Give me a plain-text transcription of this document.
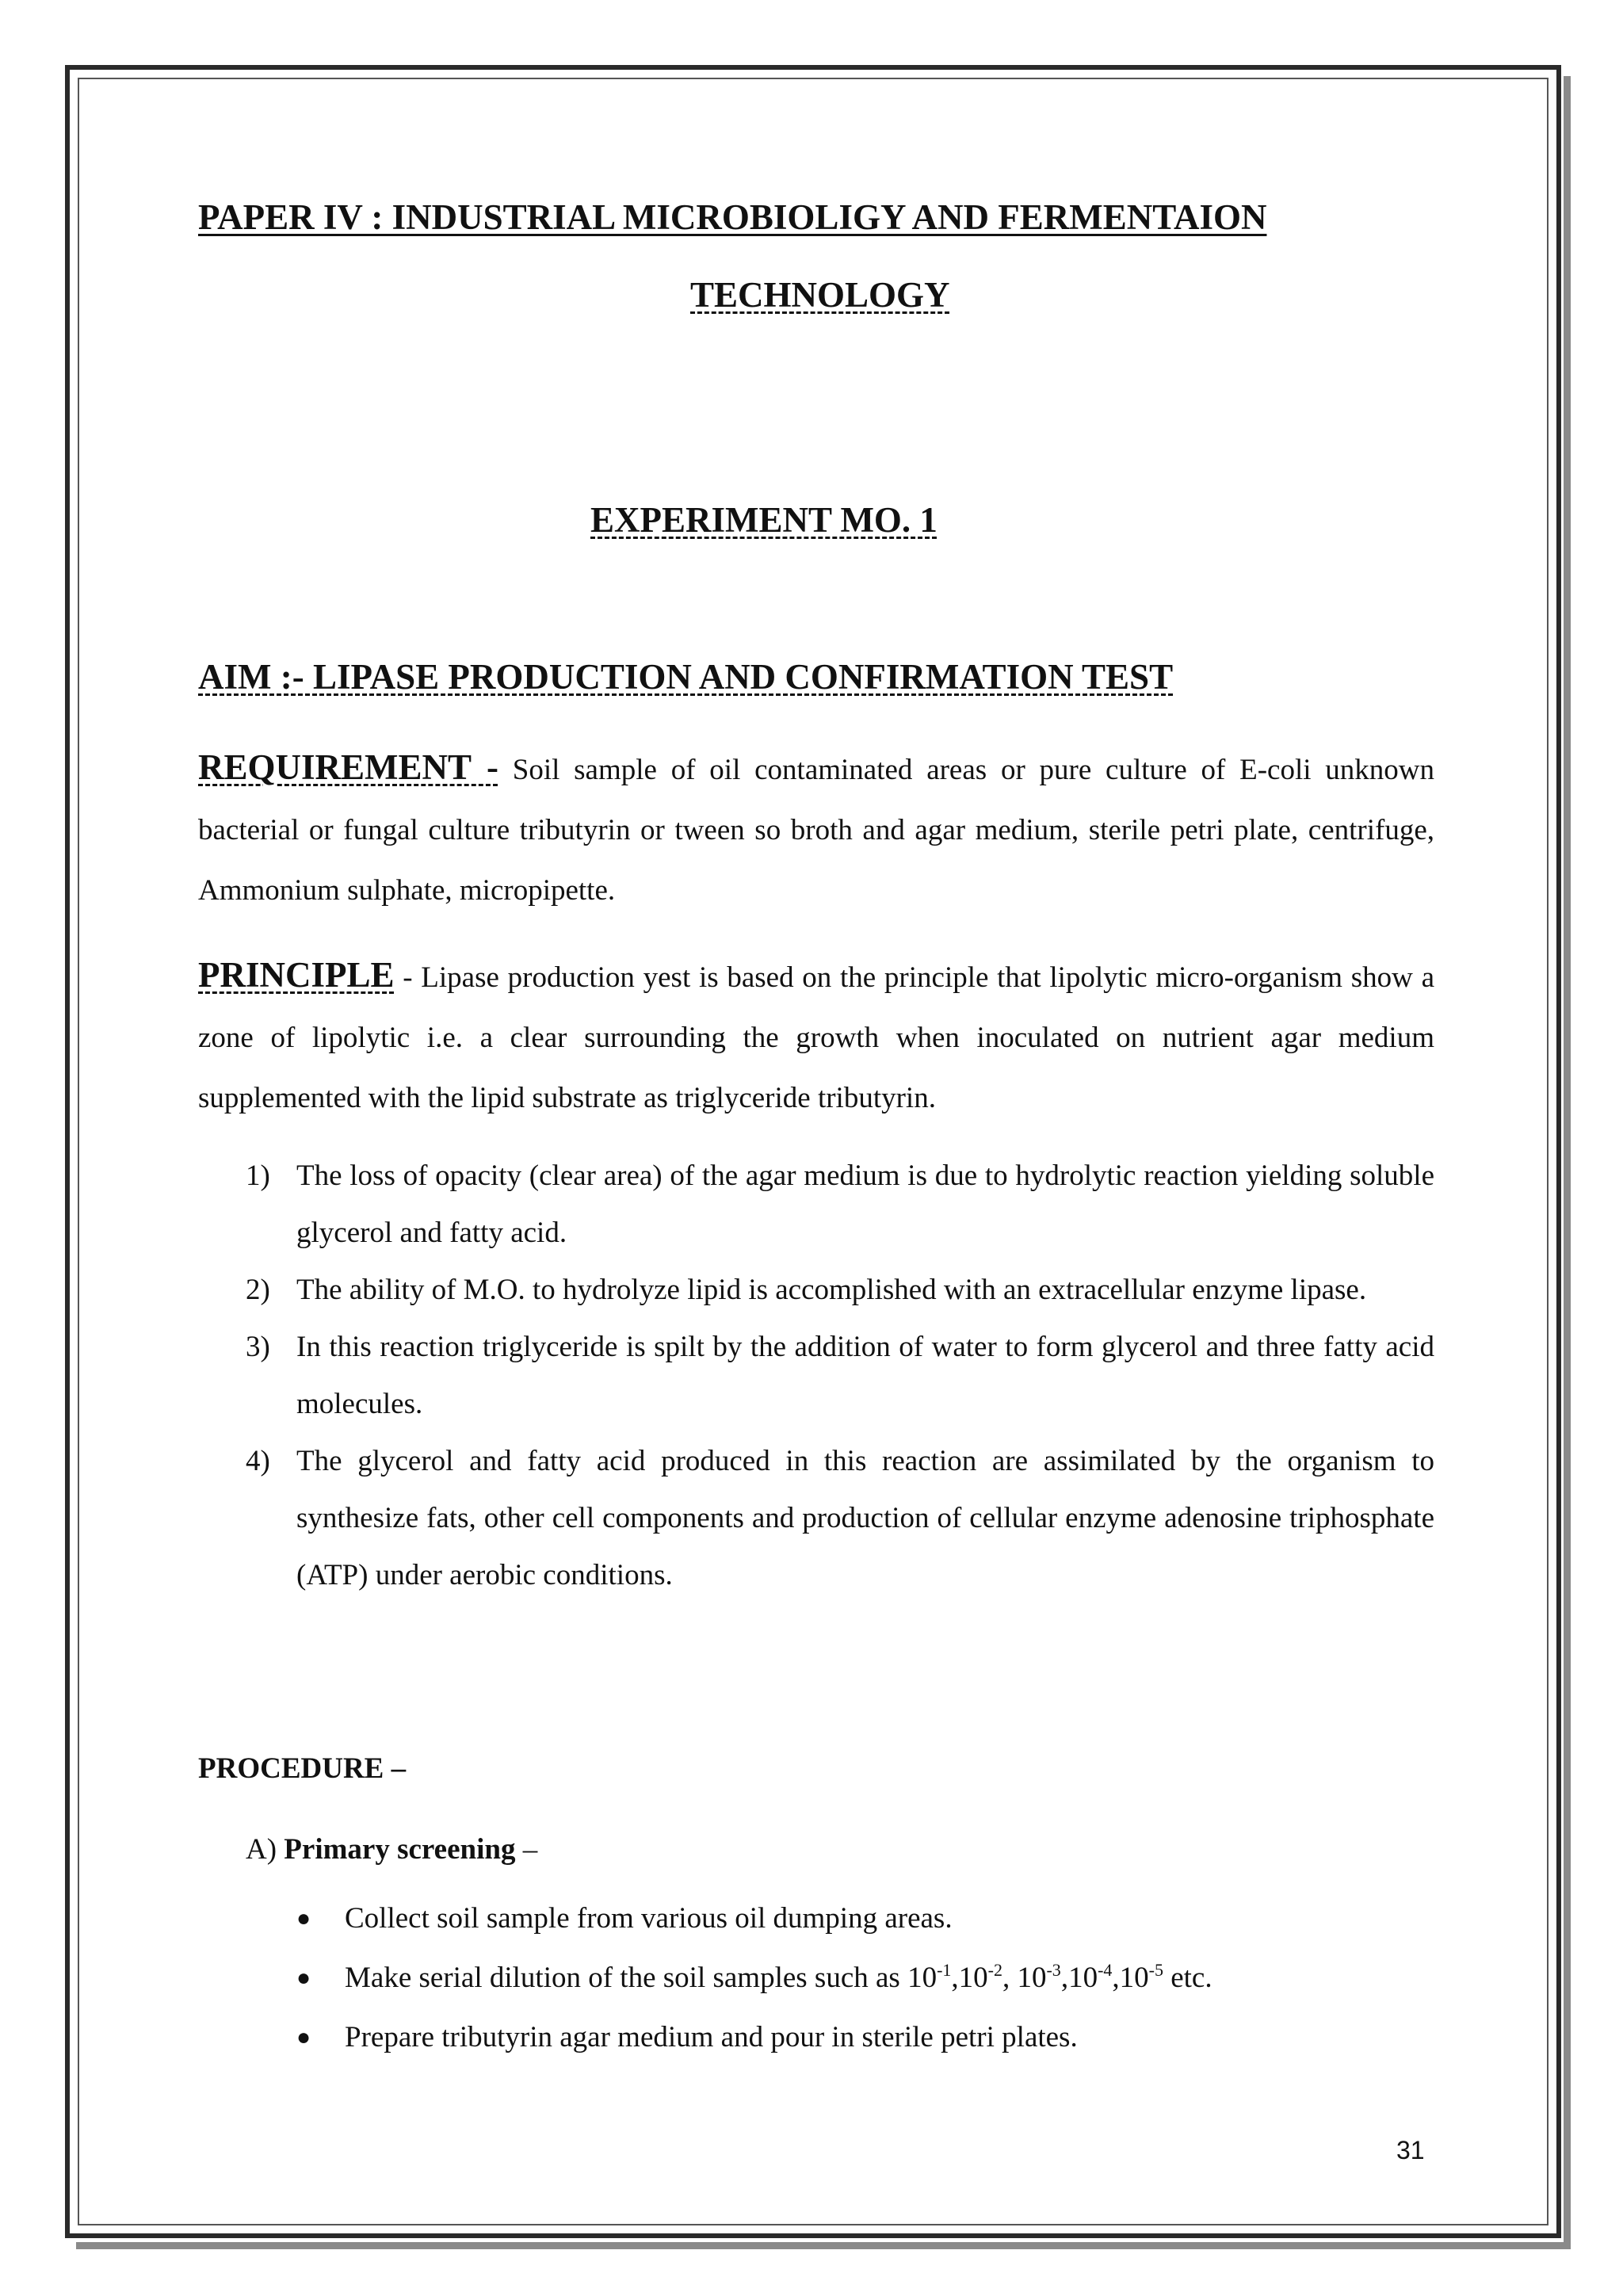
PAPER IV : INDUSTRIAL MICROBIOLIGY AND FERMENTAION
TECHNOLOGY
EXPERIMENT MO. 1
AIM :- LIPASE PRODUCTION AND CONFIRMATION TEST
REQUIREMENT - Soil sample of oil contaminated areas or pure culture of E-coli unknown bacterial or fungal culture tributyrin or tween so broth and agar medium, sterile petri plate, centrifuge, Ammonium sulphate, micropipette.
PRINCIPLE - Lipase production yest is based on the principle that lipolytic micro-organism show a zone of lipolytic i.e. a clear surrounding the growth when inoculated on nutrient agar medium supplemented with the lipid substrate as triglyceride tributyrin.
1) The loss of opacity (clear area) of the agar medium is due to hydrolytic reaction yielding soluble glycerol and fatty acid.
2) The ability of M.O. to hydrolyze lipid is accomplished with an extracellular enzyme lipase.
3) In this reaction triglyceride is spilt by the addition of water to form glycerol and three fatty acid molecules.
4) The glycerol and fatty acid produced in this reaction are assimilated by the organism to synthesize fats, other cell components and production of cellular enzyme adenosine triphosphate (ATP) under aerobic conditions.
PROCEDURE –
A) Primary screening –
● Collect soil sample from various oil dumping areas.
● Make serial dilution of the soil samples such as $10^{-1},10^{-2}$, $10^{-3},10^{-4},10^{-5}$ etc.
● Prepare tributyrin agar medium and pour in sterile petri plates.
31
